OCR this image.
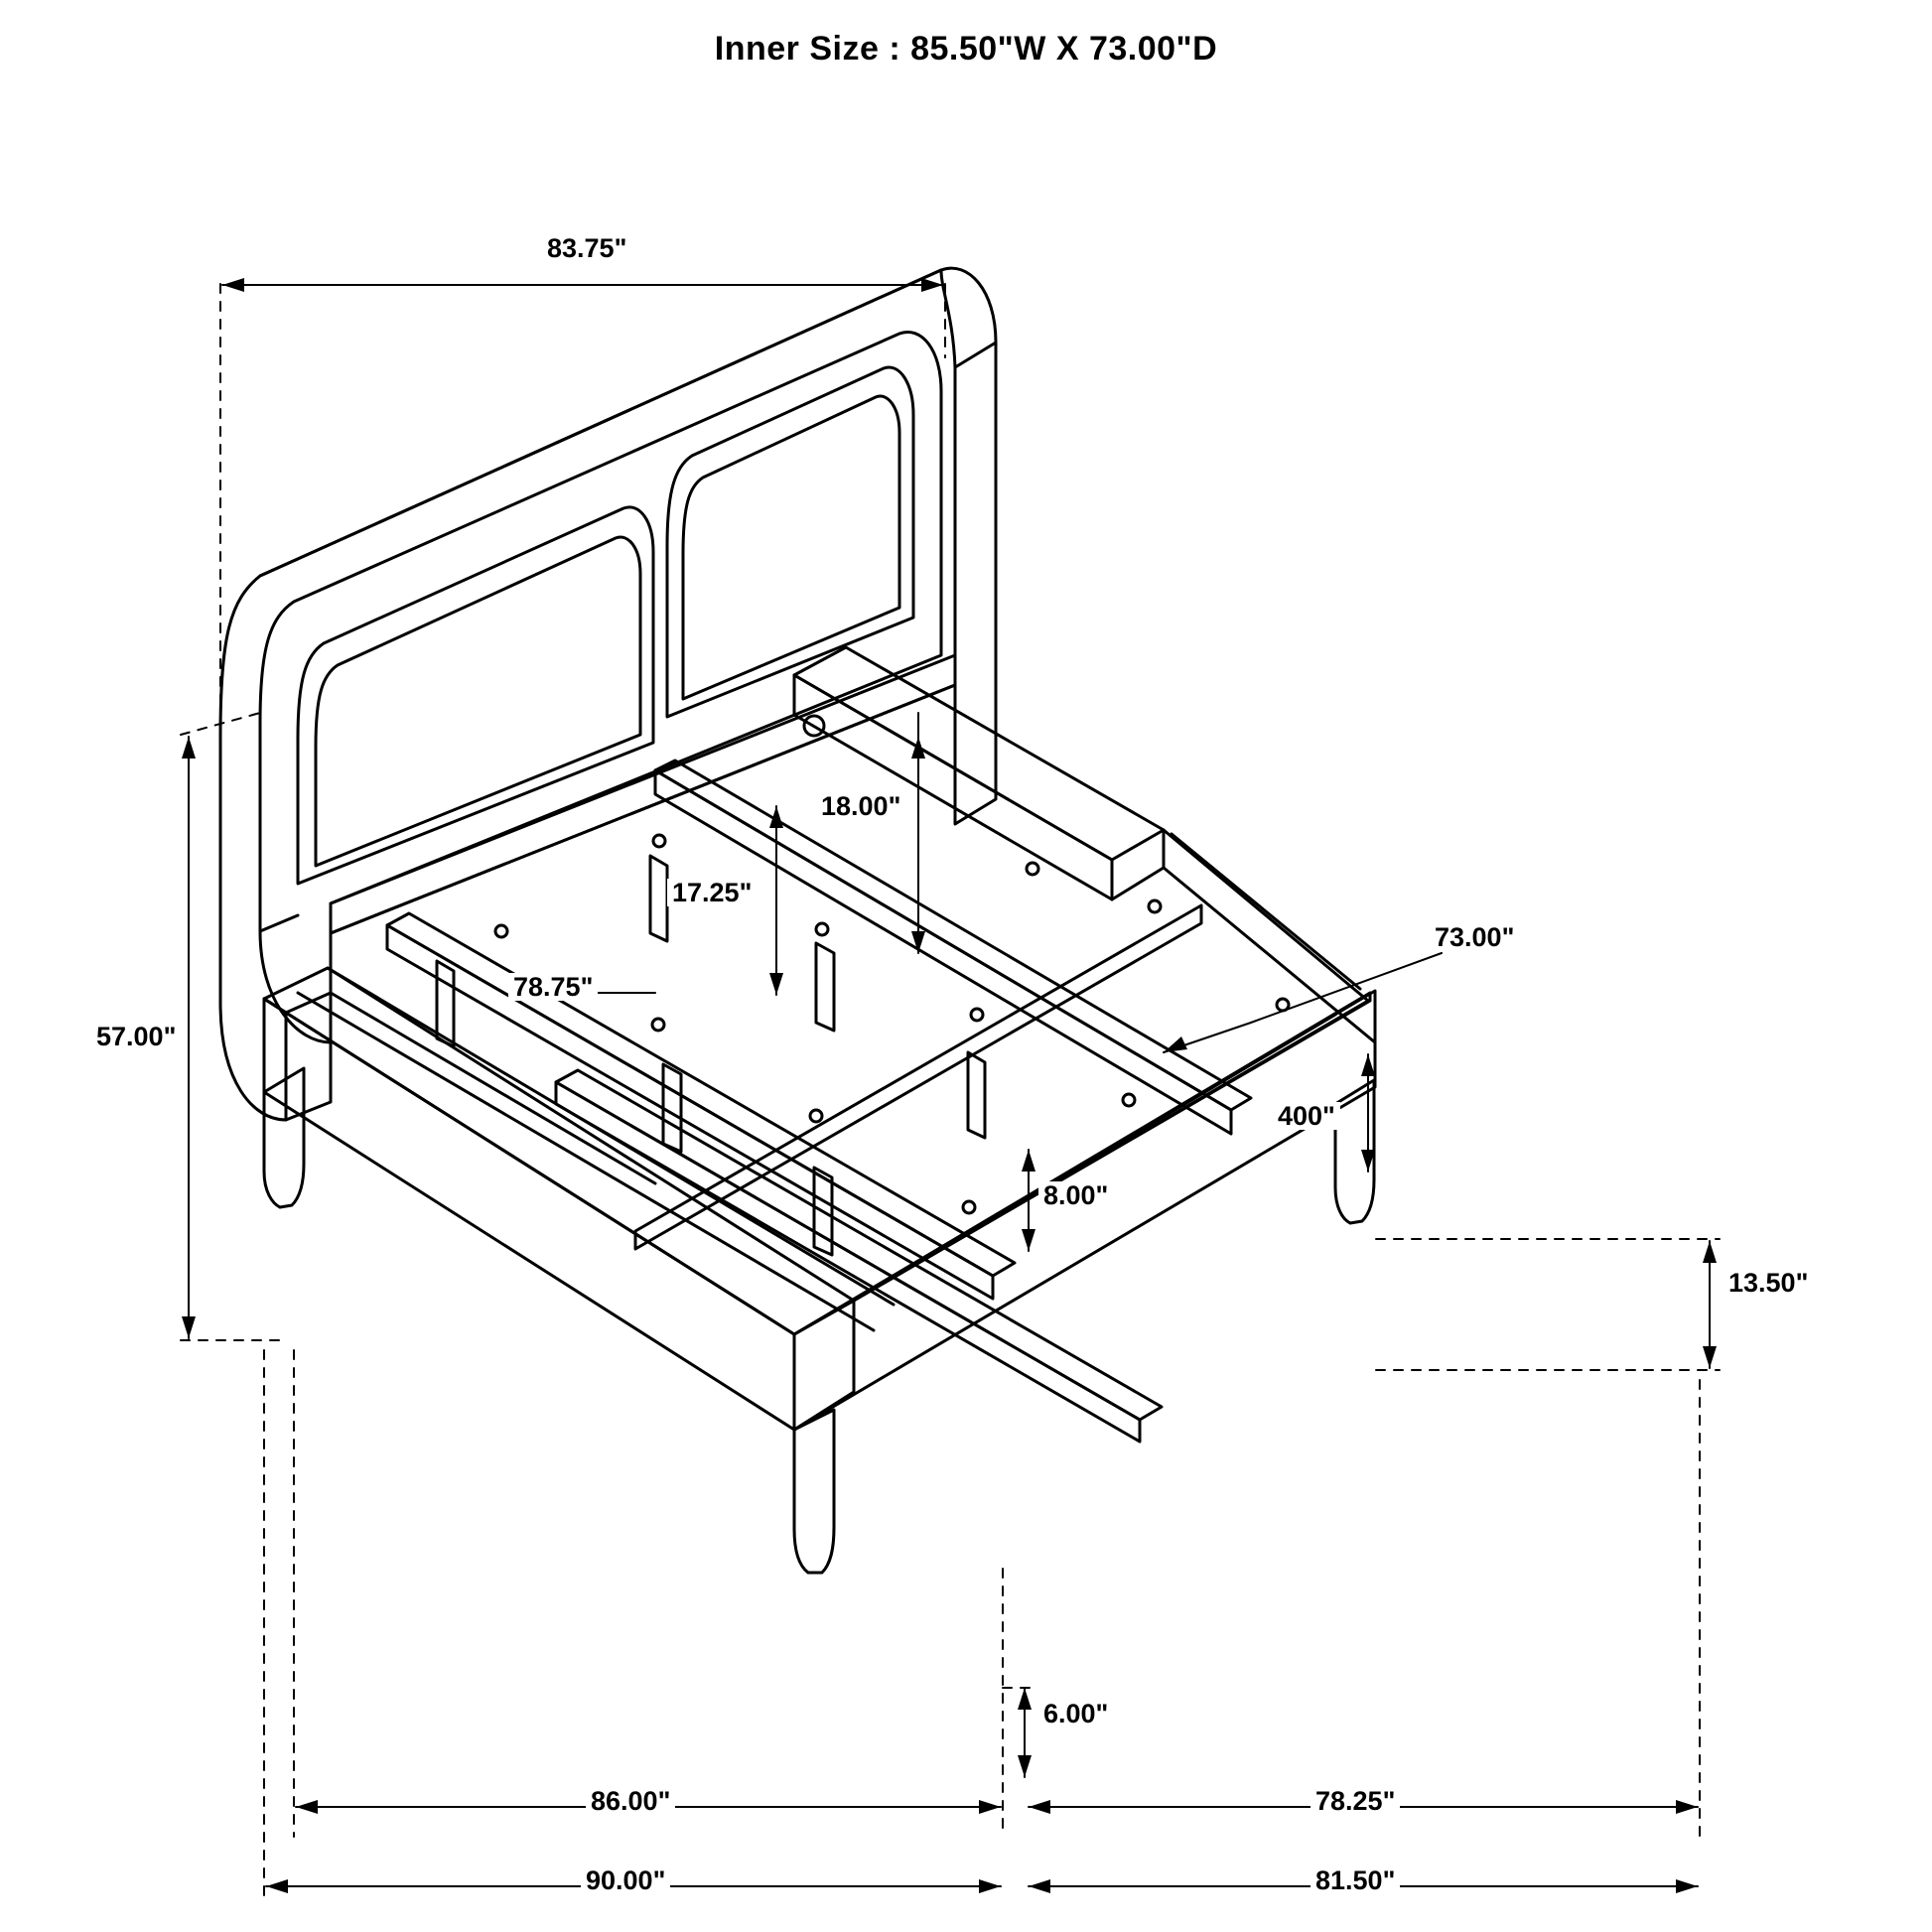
Inner Size : 85.50"W X 73.00"D
83.75"
57.00"
18.00"
17.25"
78.75"
73.00"
400"
8.00"
13.50"
6.00"
86.00"	78.25"
90.00"	81.50"
